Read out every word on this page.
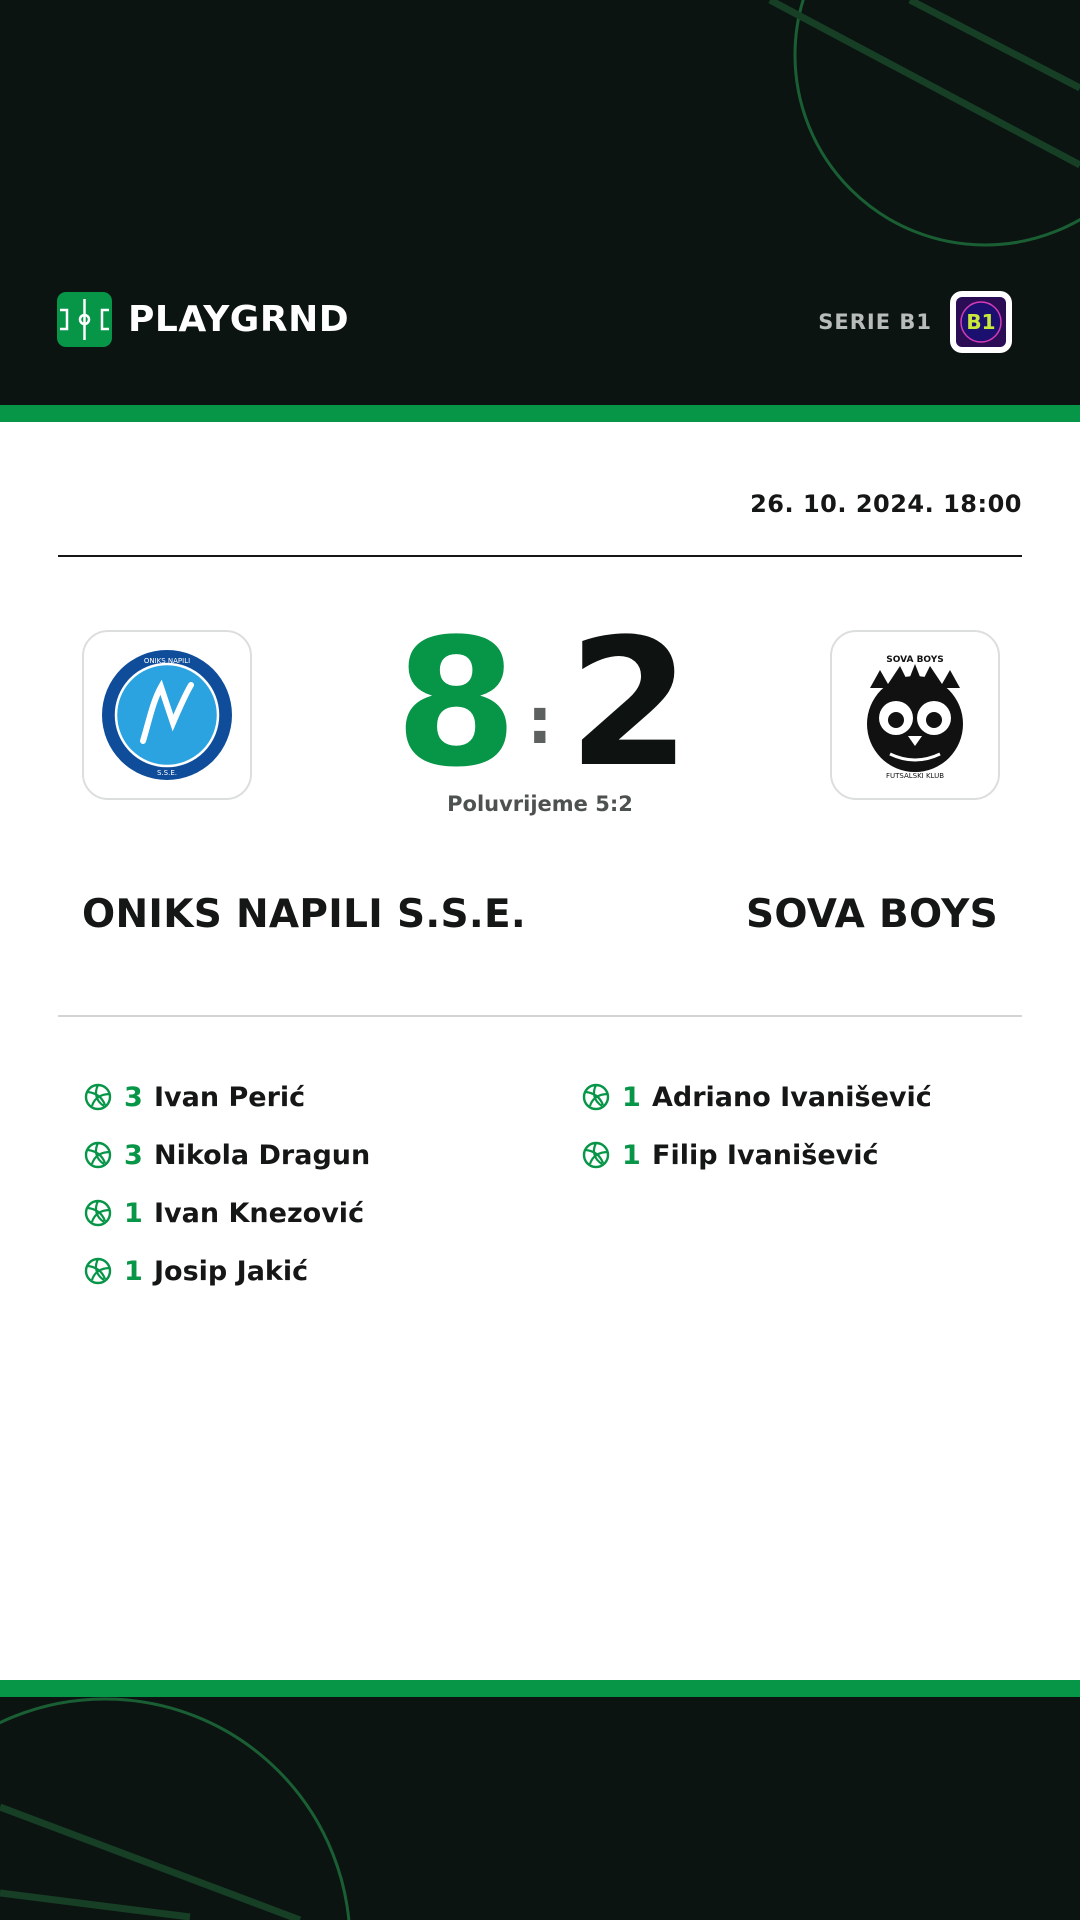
PLAYGRND	SERIE B1 B1
26. 10. 2024. 18:00
ONIKS NAPILI
S.S.E.
SOVA BOYS
FUTSALSKI KLUB
8 : 2
Poluvrijeme 5:2
ONIKS NAPILI S.S.E.	SOVA BOYS
3 Ivan Perić
3 Nikola Dragun
1 Ivan Knezović
1 Josip Jakić
1 Adriano Ivanišević
1 Filip Ivanišević
